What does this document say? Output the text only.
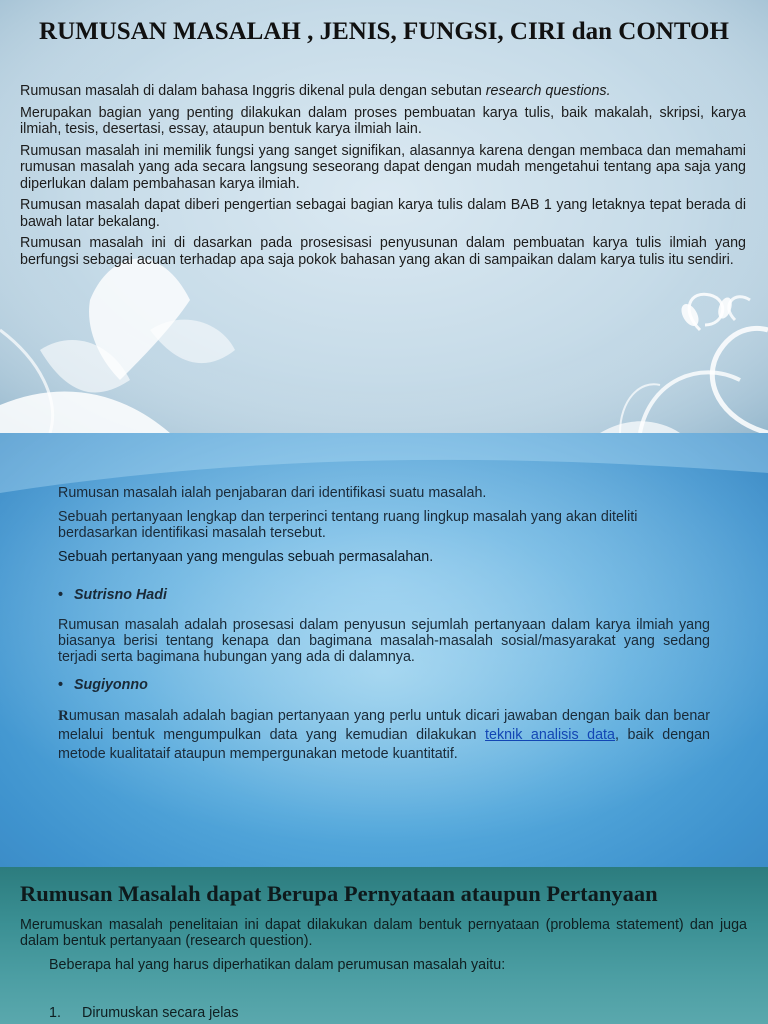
RUMUSAN MASALAH , JENIS, FUNGSI, CIRI dan CONTOH

Rumusan masalah di dalam bahasa Inggris dikenal pula dengan sebutan research questions.

Merupakan bagian yang penting dilakukan dalam proses pembuatan karya tulis, baik makalah, skripsi, karya ilmiah, tesis, desertasi, essay, ataupun bentuk karya ilmiah lain.

Rumusan masalah ini memilik fungsi yang sanget signifikan, alasannya karena dengan membaca dan memahami rumusan masalah yang ada secara langsung seseorang dapat dengan mudah mengetahui tentang apa saja yang diperlukan dalam pembahasan karya ilmiah.

Rumusan masalah dapat diberi pengertian sebagai bagian karya tulis dalam BAB 1 yang letaknya tepat berada di bawah latar bekalang.

Rumusan masalah ini di dasarkan pada prosesisasi penyusunan dalam pembuatan karya tulis ilmiah yang berfungsi sebagai acuan terhadap apa saja pokok bahasan yang akan di sampaikan dalam karya tulis itu sendiri.

Rumusan masalah ialah penjabaran dari identifikasi suatu masalah.
Sebuah pertanyaan lengkap dan terperinci tentang ruang lingkup masalah yang akan diteliti berdasarkan identifikasi masalah tersebut.
Sebuah pertanyaan yang mengulas sebuah permasalahan.
• Sutrisno Hadi
Rumusan masalah adalah prosesasi dalam penyusun sejumlah pertanyaan dalam karya ilmiah yang biasanya berisi tentang kenapa dan bagimana masalah-masalah sosial/masyarakat yang sedang terjadi serta bagimana hubungan yang ada di dalamnya.
• Sugiyonno
Rumusan masalah adalah bagian pertanyaan yang perlu untuk dicari jawaban dengan baik dan benar melalui bentuk mengumpulkan data yang kemudian dilakukan teknik analisis data, baik dengan metode kualitataif ataupun mempergunakan metode kuantitatif.
Rumusan Masalah dapat Berupa Pernyataan ataupun Pertanyaan
Merumuskan masalah penelitaian ini dapat dilakukan dalam bentuk pernyataan (problema statement) dan juga dalam bentuk pertanyaan (research question).
Beberapa hal yang harus diperhatikan dalam perumusan masalah yaitu:
1.	Dirumuskan secara jelas
